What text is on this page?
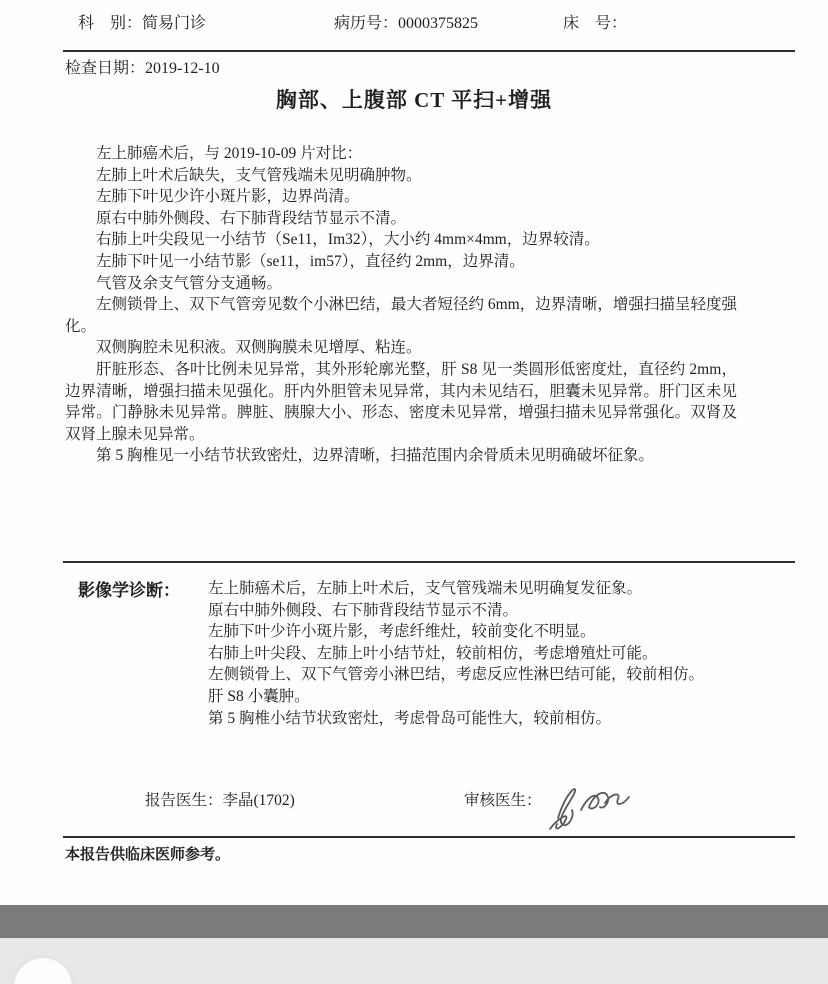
科　别：简易门诊	病历号：0000375825	床　号：
检查日期：2019-12-10
胸部、上腹部 CT 平扫+增强

左上肺癌术后，与 2019-10-09 片对比：

左肺上叶术后缺失，支气管残端未见明确肿物。

左肺下叶见少许小斑片影，边界尚清。

原右中肺外侧段、右下肺背段结节显示不清。

右肺上叶尖段见一小结节（Se11，Im32），大小约 4mm×4mm，边界较清。

左肺下叶见一小结节影（se11，im57），直径约 2mm，边界清。

气管及余支气管分支通畅。

左侧锁骨上、双下气管旁见数个小淋巴结，最大者短径约 6mm，边界清晰，增强扫描呈轻度强化。

双侧胸腔未见积液。双侧胸膜未见增厚、粘连。

肝脏形态、各叶比例未见异常，其外形轮廓光整，肝 S8 见一类圆形低密度灶，直径约 2mm，边界清晰，增强扫描未见强化。肝内外胆管未见异常，其内未见结石，胆囊未见异常。肝门区未见异常。门静脉未见异常。脾脏、胰腺大小、形态、密度未见异常，增强扫描未见异常强化。双肾及双肾上腺未见异常。

第 5 胸椎见一小结节状致密灶，边界清晰，扫描范围内余骨质未见明确破坏征象。

影像学诊断： 左上肺癌术后，左肺上叶术后，支气管残端未见明确复发征象。

原右中肺外侧段、右下肺背段结节显示不清。

左肺下叶少许小斑片影，考虑纤维灶，较前变化不明显。

右肺上叶尖段、左肺上叶小结节灶，较前相仿，考虑增殖灶可能。

左侧锁骨上、双下气管旁小淋巴结，考虑反应性淋巴结可能，较前相仿。

肝 S8 小囊肿。

第 5 胸椎小结节状致密灶，考虑骨岛可能性大，较前相仿。

报告医生：李晶(1702)	审核医生：
本报告供临床医师参考。
